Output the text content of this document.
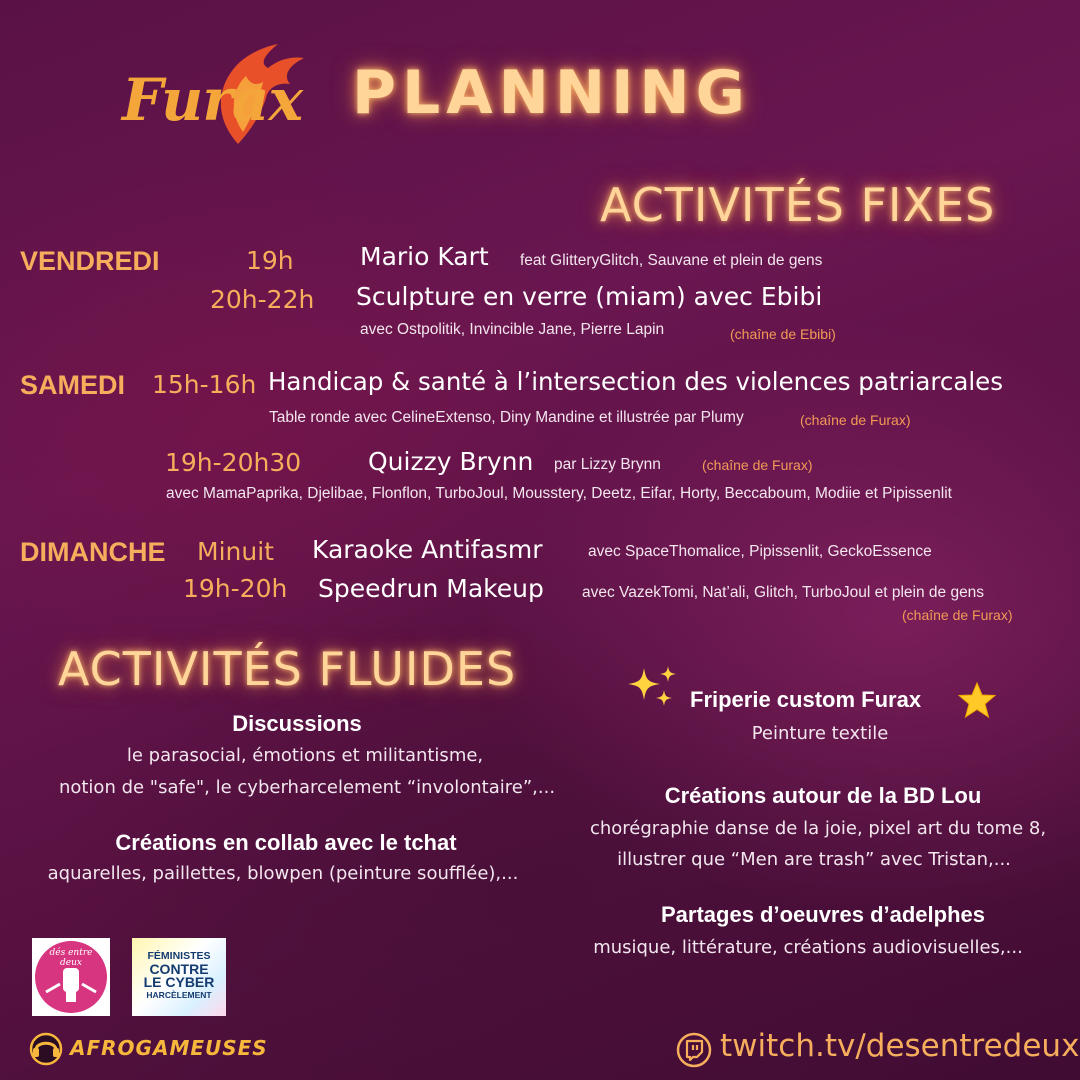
Furax PLANNING
ACTIVITÉS FIXES
VENDREDI	19h	Mario Kart feat GlitteryGlitch, Sauvane et plein de gens
20h-22h Sculpture en verre (miam) avec Ebibi
avec Ostpolitik, Invincible Jane, Pierre Lapin	(chaîne de Ebibi)
SAMEDI 15h-16h Handicap & santé à l’intersection des violences patriarcales
Table ronde avec CelineExtenso, Diny Mandine et illustrée par Plumy	(chaîne de Furax)
19h-20h30	Quizzy Brynn par Lizzy Brynn	(chaîne de Furax)
avec MamaPaprika, Djelibae, Flonflon, TurboJoul, Mousstery, Deetz, Eifar, Horty, Beccaboum, Modiie et Pipissenlit
DIMANCHE Minuit Karaoke Antifasmr	avec SpaceThomalice, Pipissenlit, GeckoEssence
19h-20h Speedrun Makeup avec VazekTomi, Nat’ali, Glitch, TurboJoul et plein de gens
(chaîne de Furax)
ACTIVITÉS FLUIDES
Discussions
le parasocial, émotions et militantisme,
notion de "safe", le cyberharcelement “involontaire”,...
Créations en collab avec le tchat
aquarelles, paillettes, blowpen (peinture soufflée),...
Friperie custom Furax
Peinture textile
Créations autour de la BD Lou
chorégraphie danse de la joie, pixel art du tome 8,
illustrer que “Men are trash” avec Tristan,...
Partages d’oeuvres d’adelphes
musique, littérature, créations audiovisuelles,...
dés entre deux
FÉMINISTES
CONTRE
LE CYBER
HARCÈLEMENT
AFROGAMEUSES	twitch.tv/desentredeux
